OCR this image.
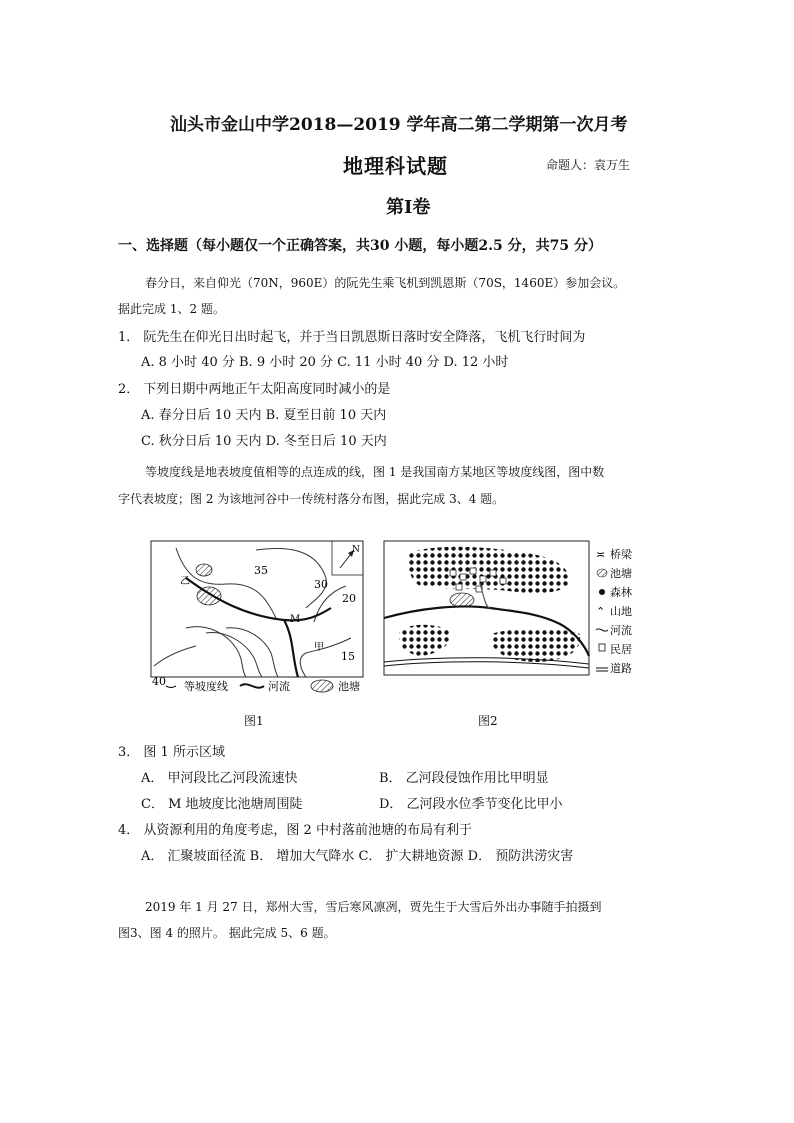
汕头市金山中学2018—2019 学年高二第二学期第一次月考
地理科试题	命题人：袁万生
第I卷
一、选择题（每小题仅一个正确答案，共30 小题，每小题2.5 分，共75 分）
春分日，来自仰光（70N，960E）的阮先生乘飞机到凯恩斯（70S，1460E）参加会议。
据此完成 1、2 题。
1． 阮先生在仰光日出时起飞，并于当日凯恩斯日落时安全降落，飞机飞行时间为
A. 8 小时 40 分 B. 9 小时 20 分 C. 11 小时 40 分 D. 12 小时
2． 下列日期中两地正午太阳高度同时减小的是
A. 春分日后 10 天内 B. 夏至日前 10 天内
C. 秋分日后 10 天内 D. 冬至日后 10 天内
等坡度线是地表坡度值相等的点连成的线，图 1 是我国南方某地区等坡度线图，图中数
字代表坡度；图 2 为该地河谷中一传统村落分布图，据此完成 3、4 题。
N
35
30
20
15
M
甲
乙
40 等坡度线	河流	池塘
图1
≍ 桥梁
池塘
森林
⌃ 山地
河流
民居
道路
图2
3． 图 1 所示区域
A． 甲河段比乙河段流速快	B． 乙河段侵蚀作用比甲明显
C． M 地坡度比池塘周围陡	D． 乙河段水位季节变化比甲小
4． 从资源利用的角度考虑，图 2 中村落前池塘的布局有利于
A． 汇聚坡面径流 B． 增加大气降水 C． 扩大耕地资源 D． 预防洪涝灾害
2019 年 1 月 27 日，郑州大雪，雪后寒风凛冽，贾先生于大雪后外出办事随手拍摄到
图3、图 4 的照片。 据此完成 5、6 题。
